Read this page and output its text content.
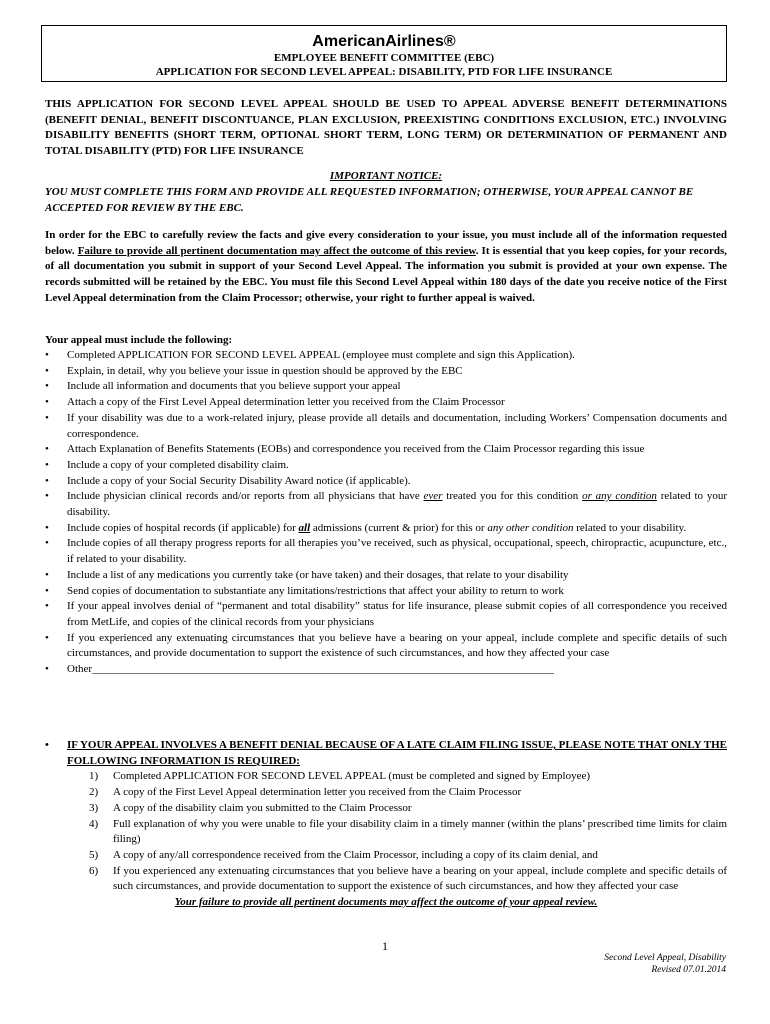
AmericanAirlines®
EMPLOYEE BENEFIT COMMITTEE (EBC)
APPLICATION FOR SECOND LEVEL APPEAL: DISABILITY, PTD FOR LIFE INSURANCE
THIS APPLICATION FOR SECOND LEVEL APPEAL SHOULD BE USED TO APPEAL ADVERSE BENEFIT DETERMINATIONS (BENEFIT DENIAL, BENEFIT DISCONTUANCE, PLAN EXCLUSION, PREEXISTING CONDITIONS EXCLUSION, ETC.) INVOLVING DISABILITY BENEFITS (SHORT TERM, OPTIONAL SHORT TERM, LONG TERM) OR DETERMINATION OF PERMANENT AND TOTAL DISABILITY (PTD) FOR LIFE INSURANCE
IMPORTANT NOTICE:
YOU MUST COMPLETE THIS FORM AND PROVIDE ALL REQUESTED INFORMATION; OTHERWISE, YOUR APPEAL CANNOT BE ACCEPTED FOR REVIEW BY THE EBC.
In order for the EBC to carefully review the facts and give every consideration to your issue, you must include all of the information requested below. Failure to provide all pertinent documentation may affect the outcome of this review. It is essential that you keep copies, for your records, of all documentation you submit in support of your Second Level Appeal. The information you submit is provided at your own expense. The records submitted will be retained by the EBC. You must file this Second Level Appeal within 180 days of the date you receive notice of the First Level Appeal determination from the Claim Processor; otherwise, your right to further appeal is waived.
Your appeal must include the following:
• Completed APPLICATION FOR SECOND LEVEL APPEAL (employee must complete and sign this Application).
• Explain, in detail, why you believe your issue in question should be approved by the EBC
• Include all information and documents that you believe support your appeal
• Attach a copy of the First Level Appeal determination letter you received from the Claim Processor
• If your disability was due to a work-related injury, please provide all details and documentation, including Workers’ Compensation documents and correspondence.
• Attach Explanation of Benefits Statements (EOBs) and correspondence you received from the Claim Processor regarding this issue
• Include a copy of your completed disability claim.
• Include a copy of your Social Security Disability Award notice (if applicable).
• Include physician clinical records and/or reports from all physicians that have ever treated you for this condition or any condition related to your disability.
• Include copies of hospital records (if applicable) for all admissions (current & prior) for this or any other condition related to your disability.
• Include copies of all therapy progress reports for all therapies you’ve received, such as physical, occupational, speech, chiropractic, acupuncture, etc., if related to your disability.
• Include a list of any medications you currently take (or have taken) and their dosages, that relate to your disability
• Send copies of documentation to substantiate any limitations/restrictions that affect your ability to return to work
• If your appeal involves denial of “permanent and total disability” status for life insurance, please submit copies of all correspondence you received from MetLife, and copies of the clinical records from your physicians
• If you experienced any extenuating circumstances that you believe have a bearing on your appeal, include complete and specific details of such circumstances, and provide documentation to support the existence of such circumstances, and how they affected your case
• Other____________________________________________________________________________________
• IF YOUR APPEAL INVOLVES A BENEFIT DENIAL BECAUSE OF A LATE CLAIM FILING ISSUE, PLEASE NOTE THAT ONLY THE FOLLOWING INFORMATION IS REQUIRED:
1) Completed APPLICATION FOR SECOND LEVEL APPEAL (must be completed and signed by Employee)
2) A copy of the First Level Appeal determination letter you received from the Claim Processor
3) A copy of the disability claim you submitted to the Claim Processor
4) Full explanation of why you were unable to file your disability claim in a timely manner (within the plans’ prescribed time limits for claim filing)
5) A copy of any/all correspondence received from the Claim Processor, including a copy of its claim denial, and
6) If you experienced any extenuating circumstances that you believe have a bearing on your appeal, include complete and specific details of such circumstances, and provide documentation to support the existence of such circumstances, and how they affected your case
Your failure to provide all pertinent documents may affect the outcome of your appeal review.
1
Second Level Appeal, Disability
Revised 07.01.2014
